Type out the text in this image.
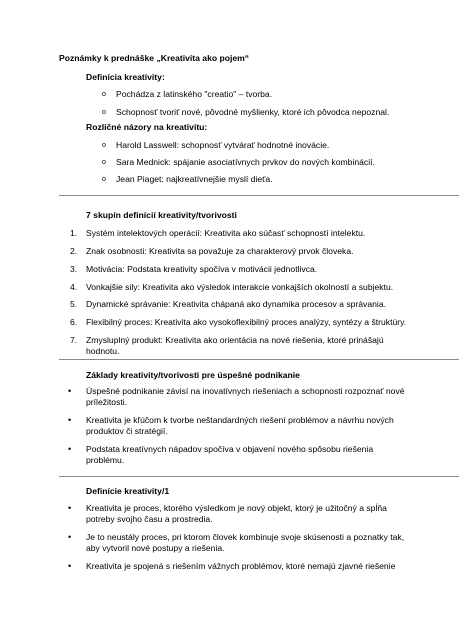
Poznámky k prednáške „Kreativita ako pojem“
Definícia kreativity:
o Pochádza z latinského "creatio" – tvorba.
o Schopnosť tvoriť nové, pôvodné myšlienky, ktoré ich pôvodca nepoznal.
Rozličné názory na kreativitu:
o Harold Lasswell: schopnosť vytvárať hodnotné inovácie.
o Sara Mednick: spájanie asociatívnych prvkov do nových kombinácií.
o Jean Piaget: najkreatívnejšie myslí dieťa.
7 skupín definícií kreativity/tvorivosti
1. Systém intelektových operácií: Kreativita ako súčasť schopností intelektu.
2. Znak osobnosti: Kreativita sa považuje za charakterový prvok človeka.
3. Motivácia: Podstata kreativity spočíva v motivácii jednotlivca.
4. Vonkajšie sily: Kreativita ako výsledok interakcie vonkajších okolností a subjektu.
5. Dynamické správanie: Kreativita chápaná ako dynamika procesov a správania.
6. Flexibilný proces: Kreativita ako vysokoflexibilný proces analýzy, syntézy a štruktúry.
7. Zmysluplný produkt: Kreativita ako orientácia na nové riešenia, ktoré prinášajú
hodnotu.
Základy kreativity/tvorivosti pre úspešné podnikanie
• Úspešné podnikanie závisí na inovatívnych riešeniach a schopnosti rozpoznať nové
príležitosti.
• Kreativita je kľúčom k tvorbe neštandardných riešení problémov a návrhu nových
produktov či stratégií.
• Podstata kreatívnych nápadov spočíva v objavení nového spôsobu riešenia
problému.
Definície kreativity/1
• Kreativita je proces, ktorého výsledkom je nový objekt, ktorý je užitočný a spĺňa
potreby svojho času a prostredia.
• Je to neustály proces, pri ktorom človek kombinuje svoje skúsenosti a poznatky tak,
aby vytvoril nové postupy a riešenia.
• Kreativita je spojená s riešením vážnych problémov, ktoré nemajú zjavné riešenie
